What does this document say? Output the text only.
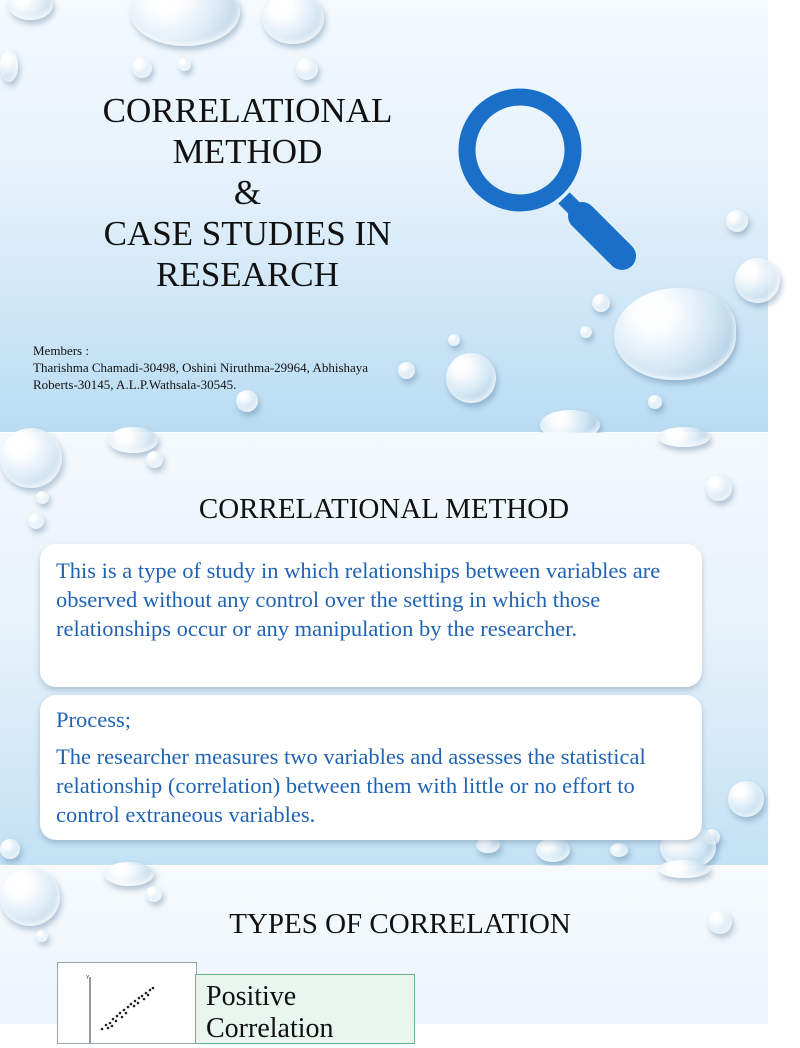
CORRELATIONAL
METHOD
&
CASE STUDIES IN
RESEARCH
Members :
Tharishma Chamadi-30498, Oshini Niruthma-29964, Abhishaya
Roberts-30145, A.L.P.Wathsala-30545.
CORRELATIONAL METHOD
This is a type of study in which relationships between variables are observed without any control over the setting in which those relationships occur or any manipulation by the researcher.
Process;
The researcher measures two variables and assesses the statistical relationship (correlation) between them with little or no effort to control extraneous variables.
TYPES OF CORRELATION
Y
Positive
Correlation
